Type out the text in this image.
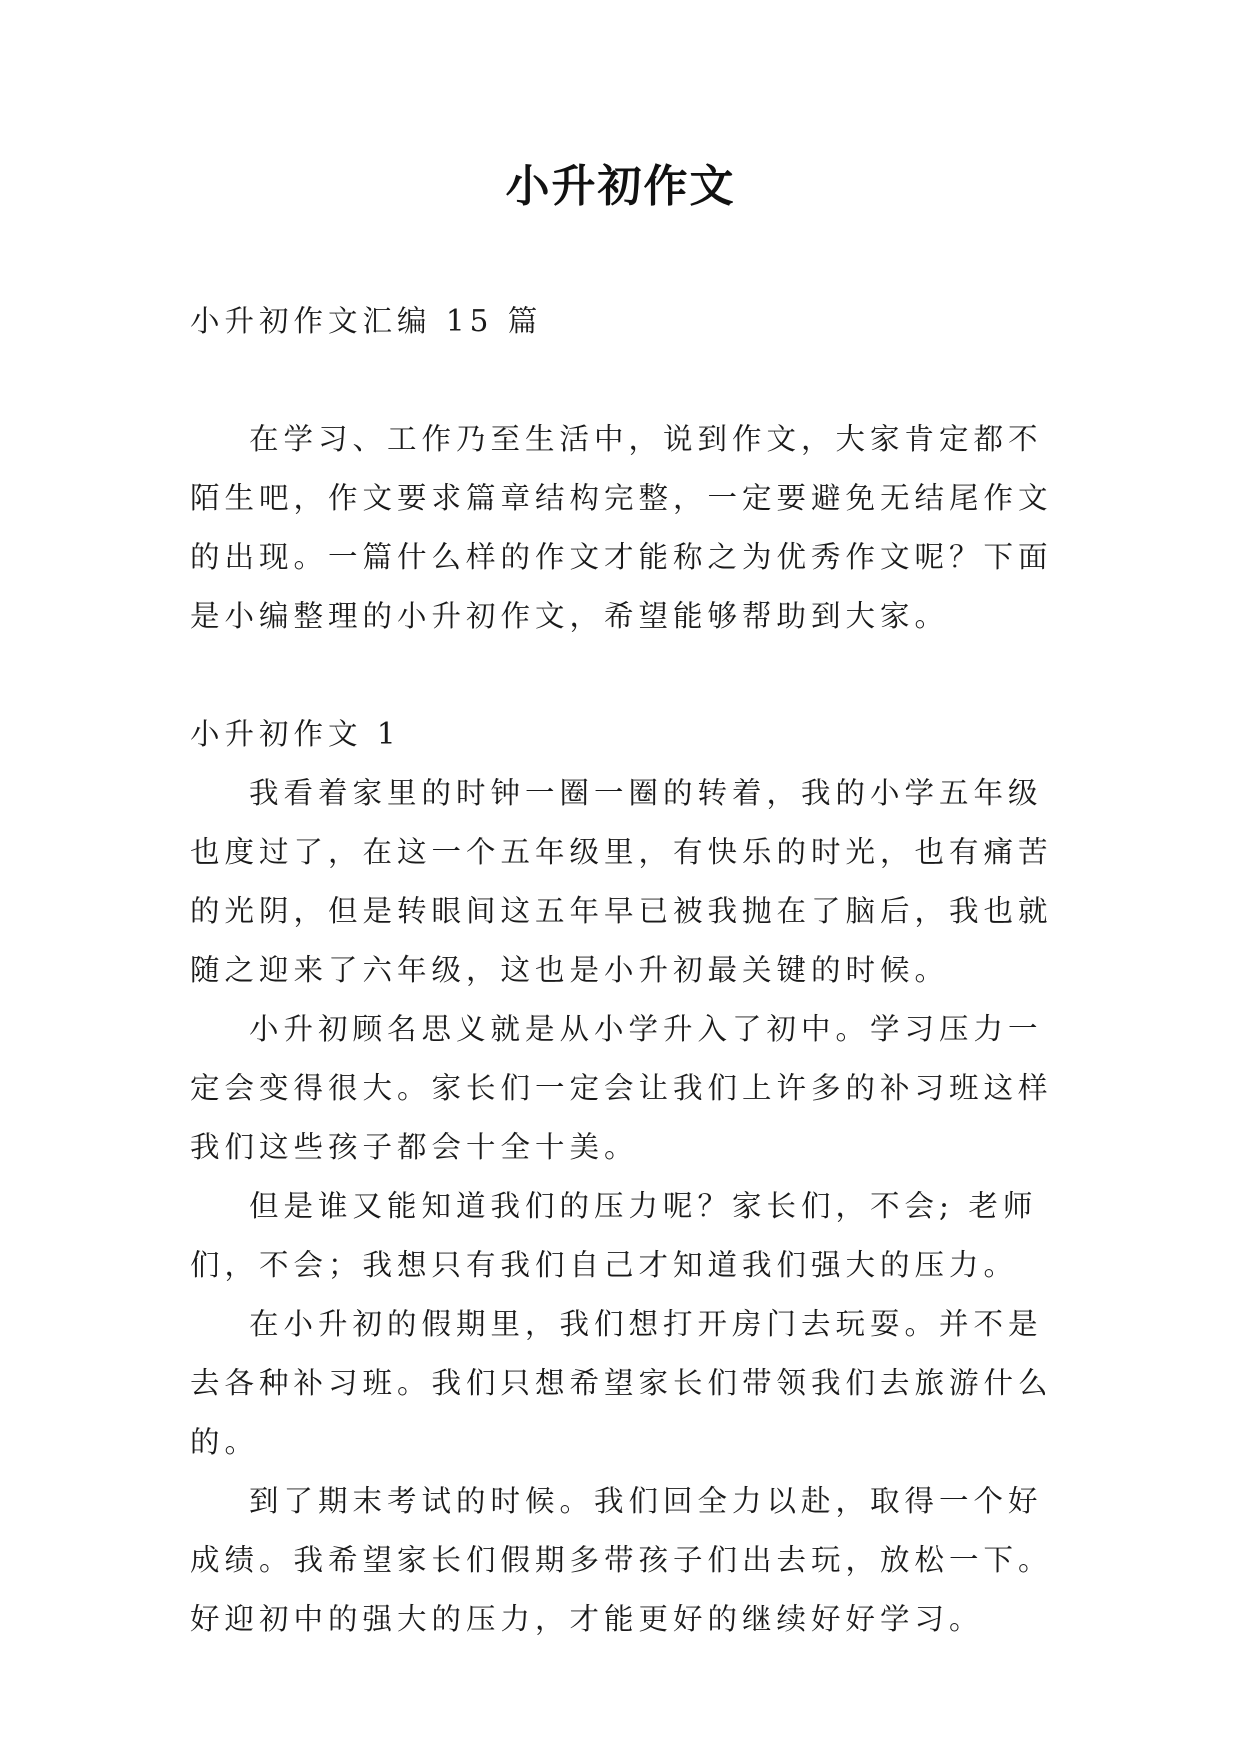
小升初作文

小升初作文汇编 15 篇

在学习、工作乃至生活中，说到作文，大家肯定都不陌生吧，作文要求篇章结构完整，一定要避免无结尾作文的出现。一篇什么样的作文才能称之为优秀作文呢？下面是小编整理的小升初作文，希望能够帮助到大家。

小升初作文 1

我看着家里的时钟一圈一圈的转着，我的小学五年级也度过了，在这一个五年级里，有快乐的时光，也有痛苦的光阴，但是转眼间这五年早已被我抛在了脑后，我也就随之迎来了六年级，这也是小升初最关键的时候。

小升初顾名思义就是从小学升入了初中。学习压力一定会变得很大。家长们一定会让我们上许多的补习班这样我们这些孩子都会十全十美。

但是谁又能知道我们的压力呢？家长们，不会; 老师们，不会；我想只有我们自己才知道我们强大的压力。

在小升初的假期里，我们想打开房门去玩耍。并不是去各种补习班。我们只想希望家长们带领我们去旅游什么的。

到了期末考试的时候。我们回全力以赴，取得一个好成绩。我希望家长们假期多带孩子们出去玩，放松一下。好迎初中的强大的压力，才能更好的继续好好学习。
